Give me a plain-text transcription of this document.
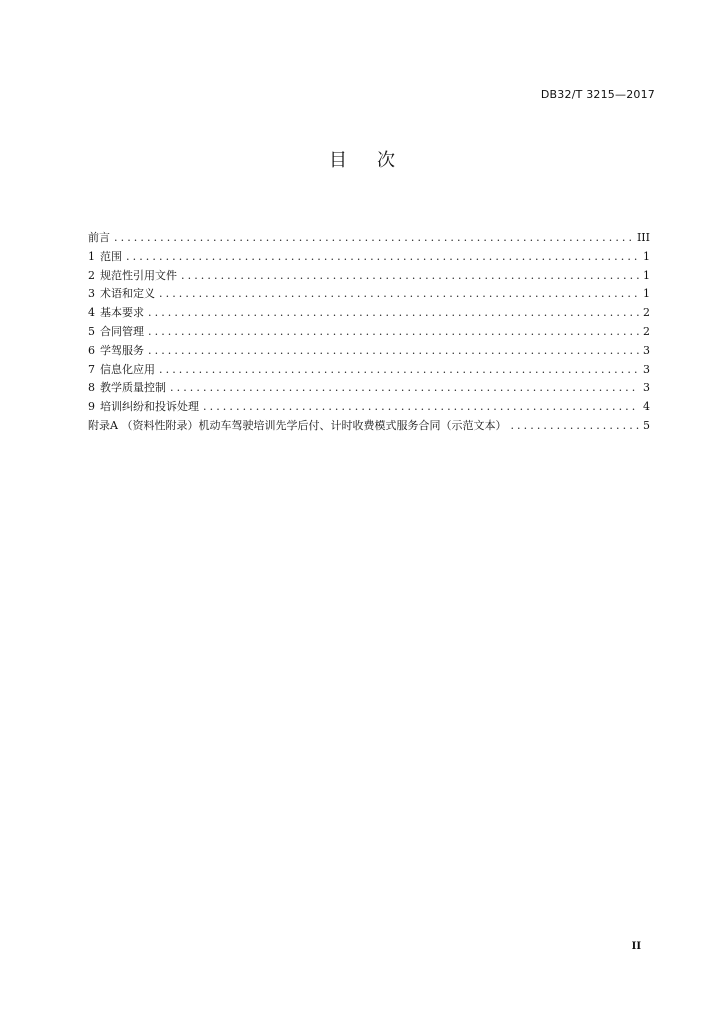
DB32/T 3215—2017
目次
前言 .....	III
1 范围 .....	1
2 规范性引用文件 .....	1
3 术语和定义 .....	1
4 基本要求 .....	2
5 合同管理 .....	2
6 学驾服务 .....	3
7 信息化应用 .....	3
8 教学质量控制 .....	3
9 培训纠纷和投诉处理 .....	4
附录A （资料性附录）机动车驾驶培训先学后付、计时收费模式服务合同（示范文本） .....	5
II
